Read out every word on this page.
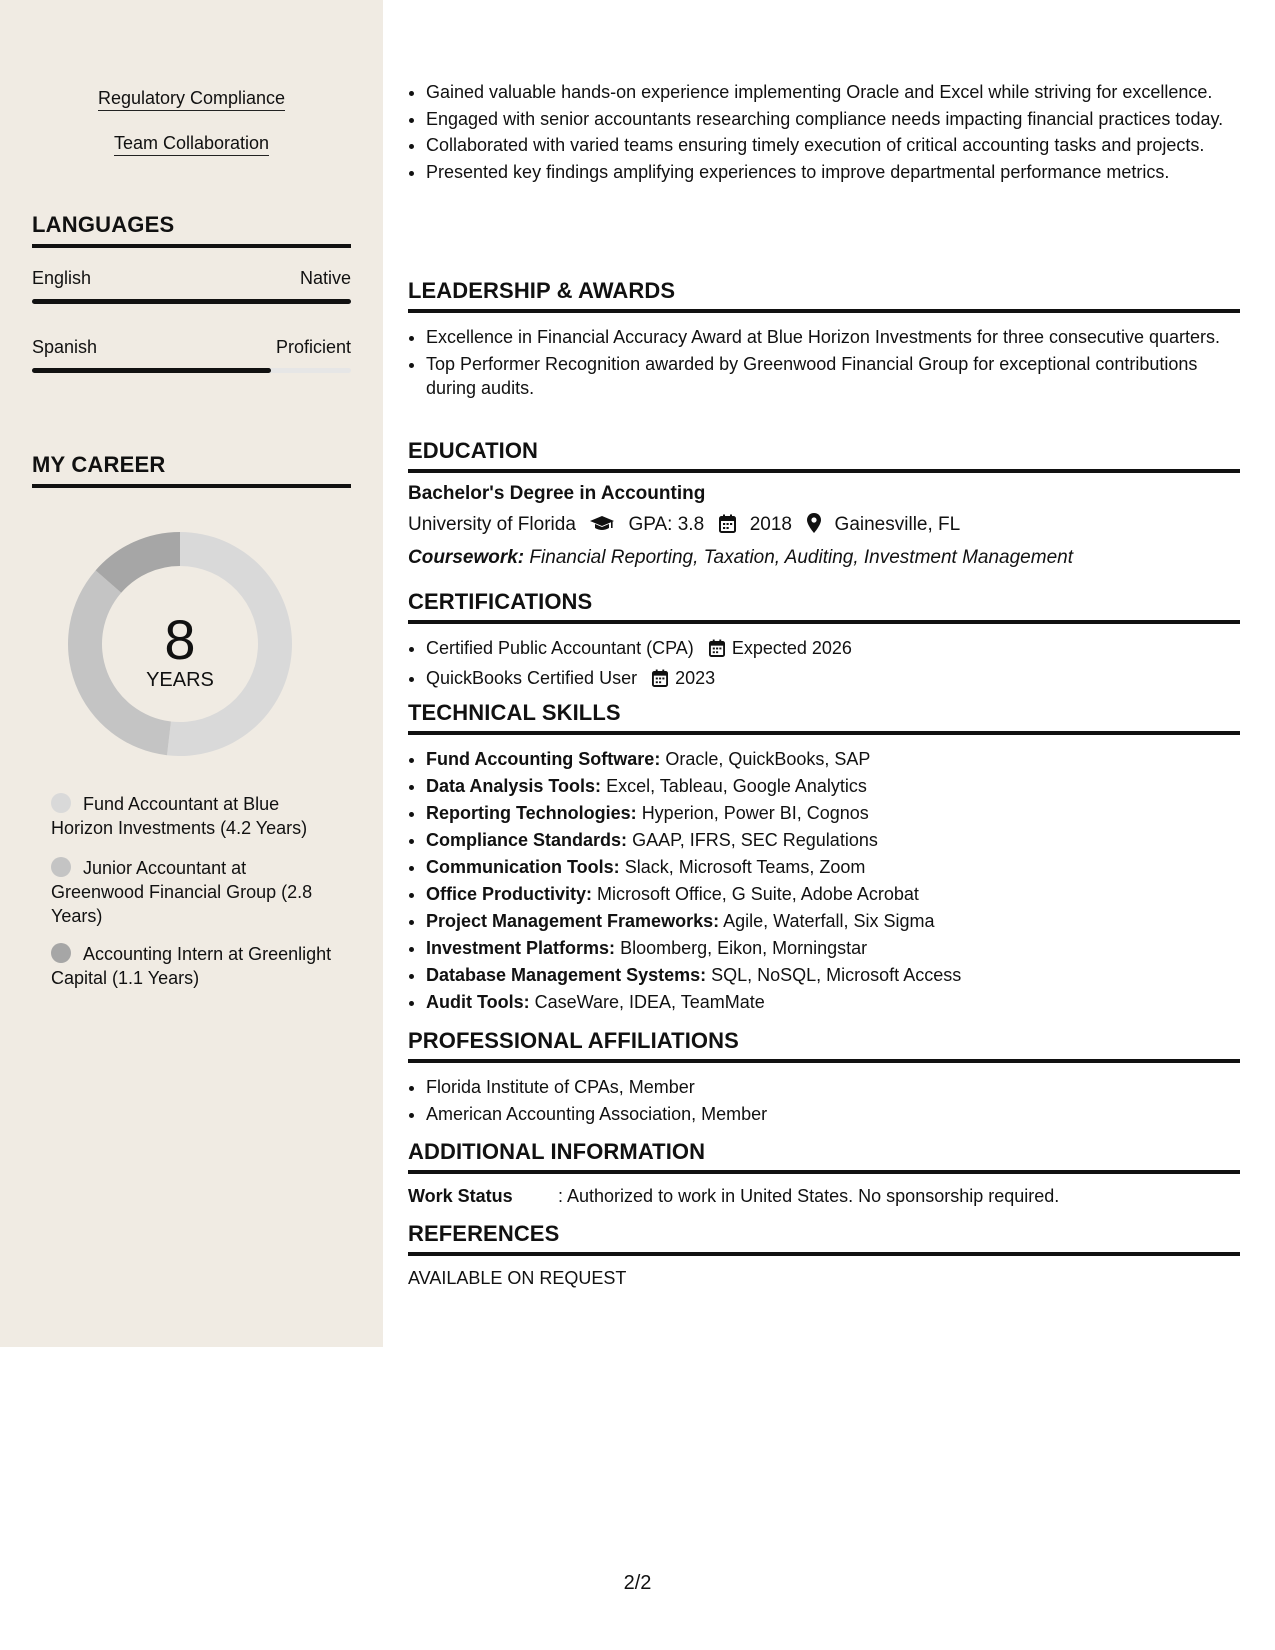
Regulatory Compliance
Team Collaboration
LANGUAGES
English	Native
Spanish	Proficient
MY CAREER
8
YEARS
Fund Accountant at Blue Horizon Investments (4.2 Years)
Junior Accountant at Greenwood Financial Group (2.8 Years)
Accounting Intern at Greenlight Capital (1.1 Years)
• Gained valuable hands-on experience implementing Oracle and Excel while striving for excellence.
• Engaged with senior accountants researching compliance needs impacting financial practices today.
• Collaborated with varied teams ensuring timely execution of critical accounting tasks and projects.
• Presented key findings amplifying experiences to improve departmental performance metrics.
LEADERSHIP & AWARDS
• Excellence in Financial Accuracy Award at Blue Horizon Investments for three consecutive quarters.
• Top Performer Recognition awarded by Greenwood Financial Group for exceptional contributions during audits.
EDUCATION
Bachelor's Degree in Accounting
University of Florida	GPA: 3.8 2018 Gainesville, FL
Coursework: Financial Reporting, Taxation, Auditing, Investment Management
CERTIFICATIONS
• Certified Public Accountant (CPA) Expected 2026
• QuickBooks Certified User 2023
TECHNICAL SKILLS
• Fund Accounting Software: Oracle, QuickBooks, SAP
• Data Analysis Tools: Excel, Tableau, Google Analytics
• Reporting Technologies: Hyperion, Power BI, Cognos
• Compliance Standards: GAAP, IFRS, SEC Regulations
• Communication Tools: Slack, Microsoft Teams, Zoom
• Office Productivity: Microsoft Office, G Suite, Adobe Acrobat
• Project Management Frameworks: Agile, Waterfall, Six Sigma
• Investment Platforms: Bloomberg, Eikon, Morningstar
• Database Management Systems: SQL, NoSQL, Microsoft Access
• Audit Tools: CaseWare, IDEA, TeamMate
PROFESSIONAL AFFILIATIONS
• Florida Institute of CPAs, Member
• American Accounting Association, Member
ADDITIONAL INFORMATION
Work Status	: Authorized to work in United States. No sponsorship required.
REFERENCES
AVAILABLE ON REQUEST
2/2
